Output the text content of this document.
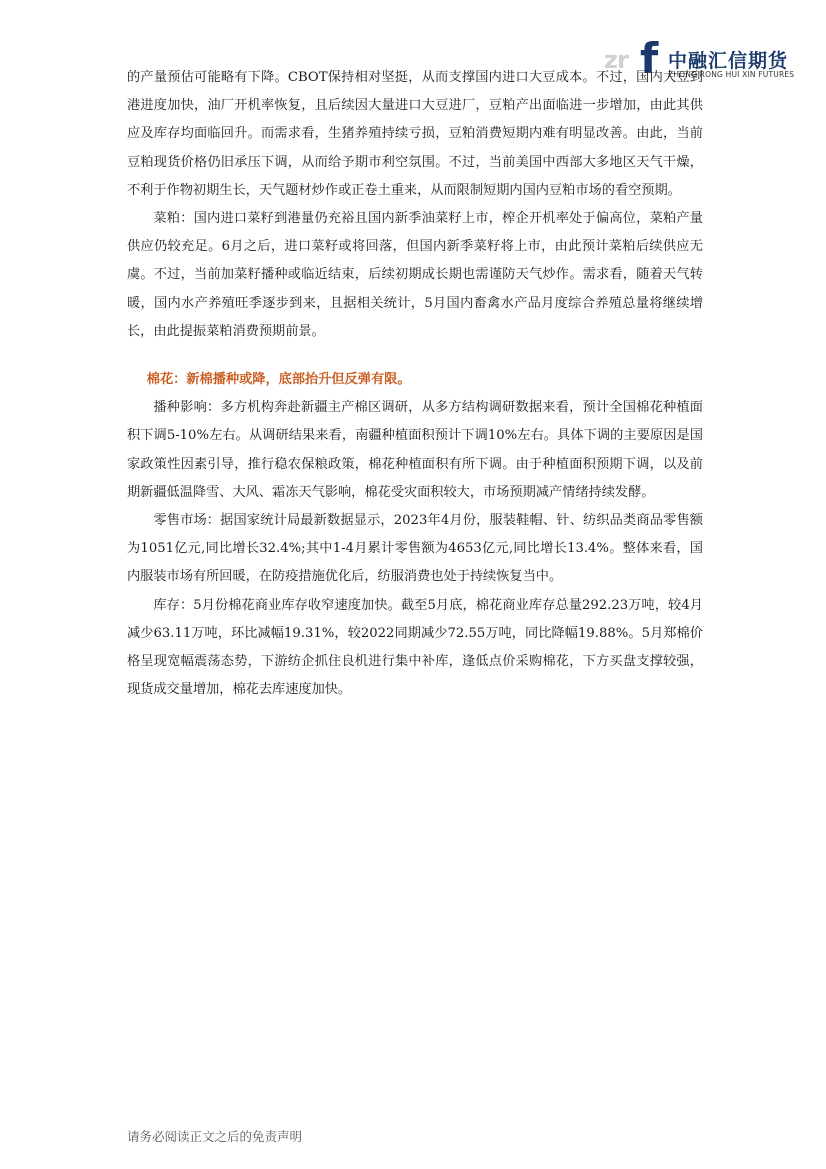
zr f 中融汇信期货
ZHONG RONG HUI XIN FUTURES

的产量预估可能略有下降。CBOT保持相对坚挺，从而支撑国内进口大豆成本。不过，国内大豆到港进度加快，油厂开机率恢复，且后续因大量进口大豆进厂，豆粕产出面临进一步增加，由此其供应及库存均面临回升。而需求看，生猪养殖持续亏损，豆粕消费短期内难有明显改善。由此，当前豆粕现货价格仍旧承压下调，从而给予期市利空氛围。不过，当前美国中西部大多地区天气干燥，不利于作物初期生长，天气题材炒作或正卷土重来，从而限制短期内国内豆粕市场的看空预期。

菜粕：国内进口菜籽到港量仍充裕且国内新季油菜籽上市，榨企开机率处于偏高位，菜粕产量供应仍较充足。6月之后，进口菜籽或将回落，但国内新季菜籽将上市，由此预计菜粕后续供应无虞。不过，当前加菜籽播种或临近结束，后续初期成长期也需谨防天气炒作。需求看，随着天气转暖，国内水产养殖旺季逐步到来，且据相关统计，5月国内畜禽水产品月度综合养殖总量将继续增长，由此提振菜粕消费预期前景。

棉花：新棉播种或降，底部抬升但反弹有限。

播种影响：多方机构奔赴新疆主产棉区调研，从多方结构调研数据来看，预计全国棉花种植面积下调5-10%左右。从调研结果来看，南疆种植面积预计下调10%左右。具体下调的主要原因是国家政策性因素引导，推行稳农保粮政策，棉花种植面积有所下调。由于种植面积预期下调，以及前期新疆低温降雪、大风、霜冻天气影响，棉花受灾面积较大，市场预期减产情绪持续发酵。

零售市场：据国家统计局最新数据显示，2023年4月份，服装鞋帽、针、纺织品类商品零售额为1051亿元,同比增长32.4%;其中1-4月累计零售额为4653亿元,同比增长13.4%。整体来看，国内服装市场有所回暖，在防疫措施优化后，纺服消费也处于持续恢复当中。

库存：5月份棉花商业库存收窄速度加快。截至5月底，棉花商业库存总量292.23万吨，较4月减少63.11万吨，环比减幅19.31%，较2022同期减少72.55万吨，同比降幅19.88%。5月郑棉价格呈现宽幅震荡态势，下游纺企抓住良机进行集中补库，逢低点价采购棉花，下方买盘支撑较强，现货成交量增加，棉花去库速度加快。

请务必阅读正文之后的免责声明
